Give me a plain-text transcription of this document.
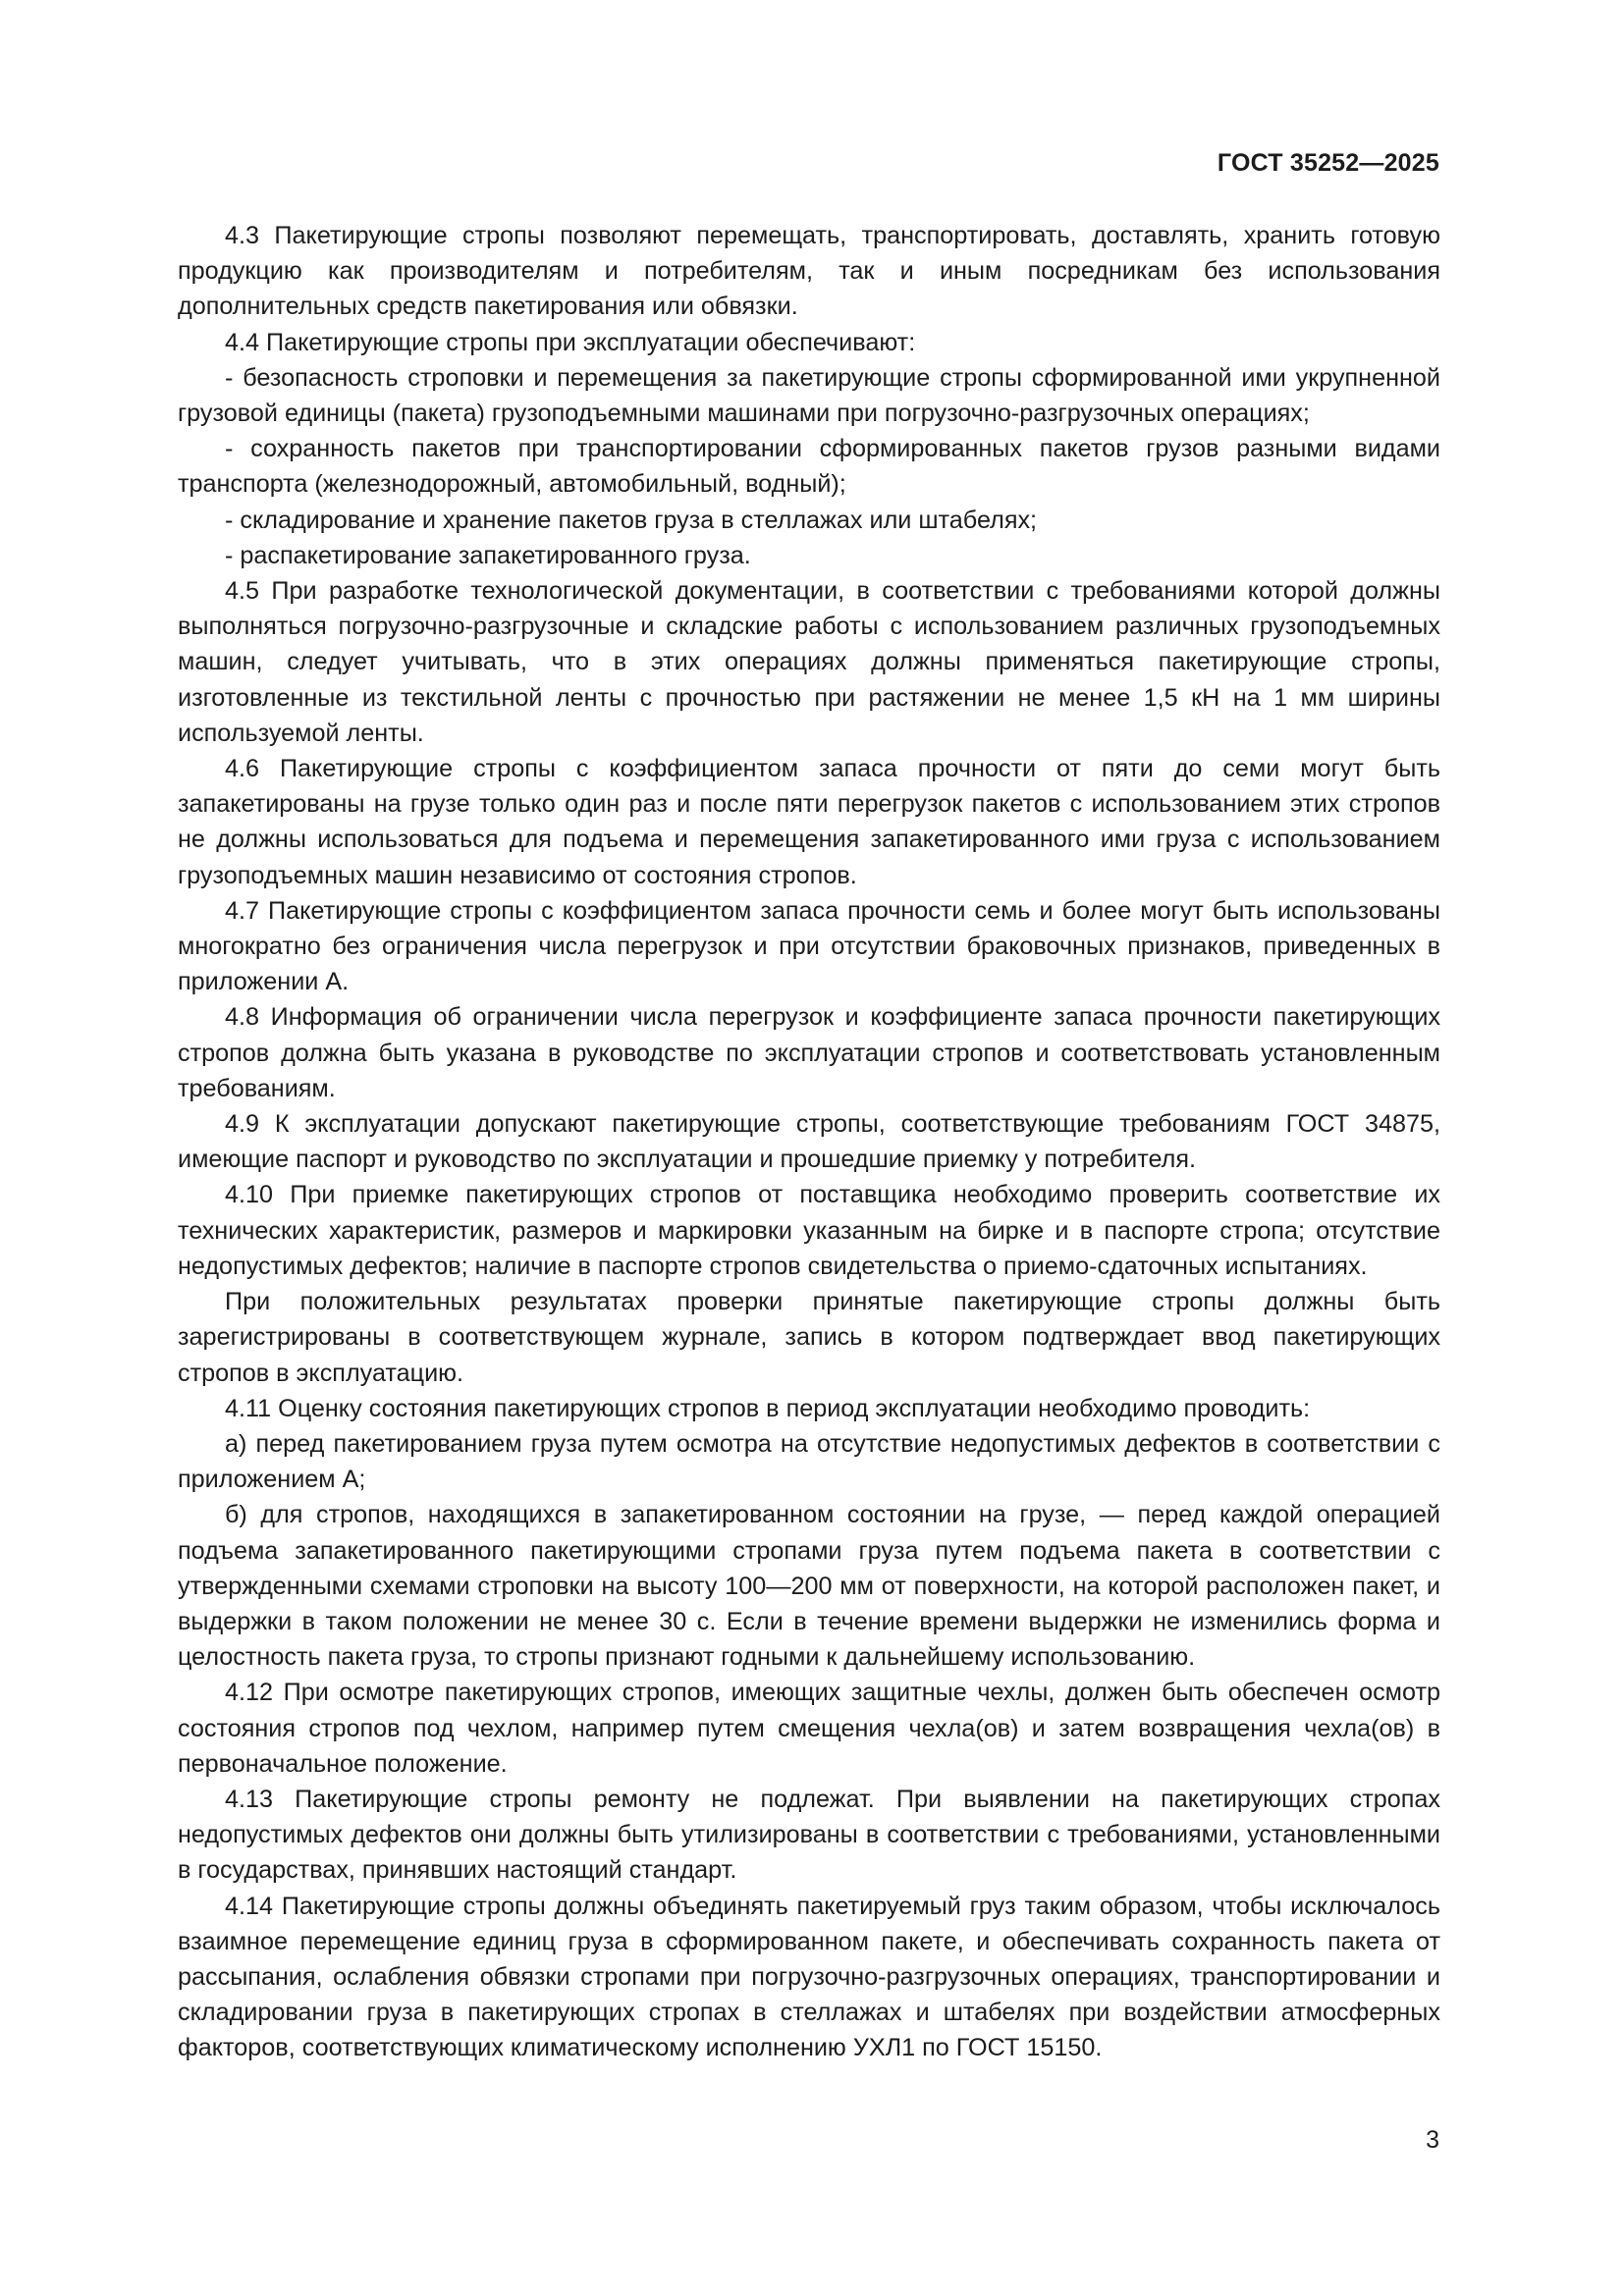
ГОСТ 35252—2025

4.3 Пакетирующие стропы позволяют перемещать, транспортировать, доставлять, хранить готовую продукцию как производителям и потребителям, так и иным посредникам без использования дополнительных средств пакетирования или обвязки.

4.4 Пакетирующие стропы при эксплуатации обеспечивают:

- безопасность строповки и перемещения за пакетирующие стропы сформированной ими укрупненной грузовой единицы (пакета) грузоподъемными машинами при погрузочно-разгрузочных операциях;

- сохранность пакетов при транспортировании сформированных пакетов грузов разными видами транспорта (железнодорожный, автомобильный, водный);

- складирование и хранение пакетов груза в стеллажах или штабелях;

- распакетирование запакетированного груза.

4.5 При разработке технологической документации, в соответствии с требованиями которой должны выполняться погрузочно-разгрузочные и складские работы с использованием различных грузоподъемных машин, следует учитывать, что в этих операциях должны применяться пакетирующие стропы, изготовленные из текстильной ленты с прочностью при растяжении не менее 1,5 кН на 1 мм ширины используемой ленты.

4.6 Пакетирующие стропы с коэффициентом запаса прочности от пяти до семи могут быть запакетированы на грузе только один раз и после пяти перегрузок пакетов с использованием этих стропов не должны использоваться для подъема и перемещения запакетированного ими груза с использованием грузоподъемных машин независимо от состояния стропов.

4.7 Пакетирующие стропы с коэффициентом запаса прочности семь и более могут быть использованы многократно без ограничения числа перегрузок и при отсутствии браковочных признаков, приведенных в приложении А.

4.8 Информация об ограничении числа перегрузок и коэффициенте запаса прочности пакетирующих стропов должна быть указана в руководстве по эксплуатации стропов и соответствовать установленным требованиям.

4.9 К эксплуатации допускают пакетирующие стропы, соответствующие требованиям ГОСТ 34875, имеющие паспорт и руководство по эксплуатации и прошедшие приемку у потребителя.

4.10 При приемке пакетирующих стропов от поставщика необходимо проверить соответствие их технических характеристик, размеров и маркировки указанным на бирке и в паспорте стропа; отсутствие недопустимых дефектов; наличие в паспорте стропов свидетельства о приемо-сдаточных испытаниях.

При положительных результатах проверки принятые пакетирующие стропы должны быть зарегистрированы в соответствующем журнале, запись в котором подтверждает ввод пакетирующих стропов в эксплуатацию.

4.11 Оценку состояния пакетирующих стропов в период эксплуатации необходимо проводить:

а) перед пакетированием груза путем осмотра на отсутствие недопустимых дефектов в соответствии с приложением А;

б) для стропов, находящихся в запакетированном состоянии на грузе, — перед каждой операцией подъема запакетированного пакетирующими стропами груза путем подъема пакета в соответствии с утвержденными схемами строповки на высоту 100—200 мм от поверхности, на которой расположен пакет, и выдержки в таком положении не менее 30 с. Если в течение времени выдержки не изменились форма и целостность пакета груза, то стропы признают годными к дальнейшему использованию.

4.12 При осмотре пакетирующих стропов, имеющих защитные чехлы, должен быть обеспечен осмотр состояния стропов под чехлом, например путем смещения чехла(ов) и затем возвращения чехла(ов) в первоначальное положение.

4.13 Пакетирующие стропы ремонту не подлежат. При выявлении на пакетирующих стропах недопустимых дефектов они должны быть утилизированы в соответствии с требованиями, установленными в государствах, принявших настоящий стандарт.

4.14 Пакетирующие стропы должны объединять пакетируемый груз таким образом, чтобы исключалось взаимное перемещение единиц груза в сформированном пакете, и обеспечивать сохранность пакета от рассыпания, ослабления обвязки стропами при погрузочно-разгрузочных операциях, транспортировании и складировании груза в пакетирующих стропах в стеллажах и штабелях при воздействии атмосферных факторов, соответствующих климатическому исполнению УХЛ1 по ГОСТ 15150.

3
